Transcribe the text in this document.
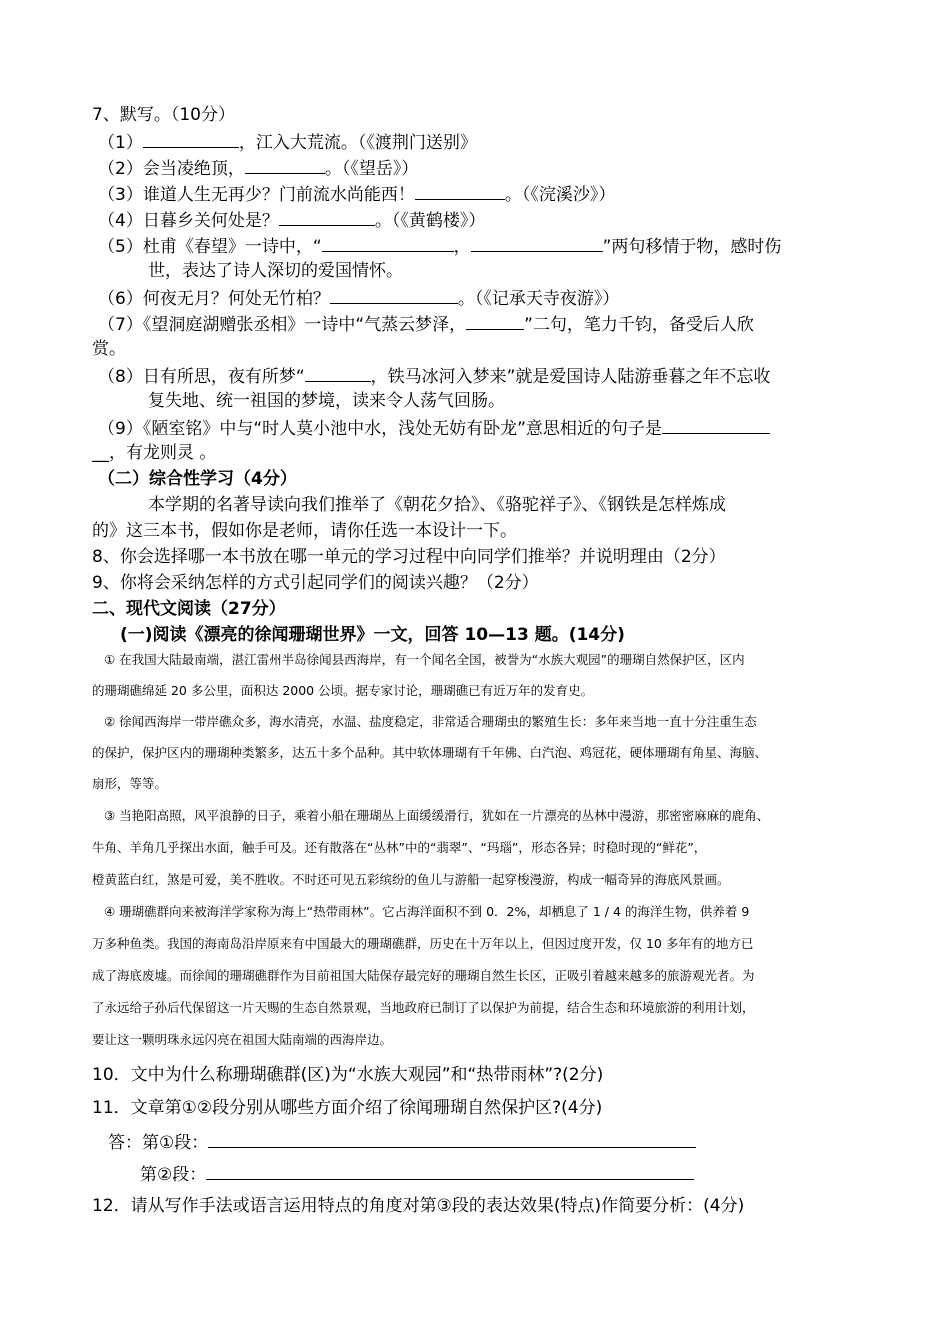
7、默写。（10分）
（1）	，江入大荒流。（《渡荆门送别》
（2）会当凌绝顶，	。（《望岳》）
（3）谁道人生无再少？门前流水尚能西！	。（《浣溪沙》）
（4）日暮乡关何处是？	。（《黄鹤楼》）
（5）杜甫《春望》一诗中，“	，	”两句移情于物，感时伤
世，表达了诗人深切的爱国情怀。
（6）何夜无月？何处无竹柏？	。（《记承天寺夜游》）
（7）《望洞庭湖赠张丞相》一诗中“气蒸云梦泽，	”二句，笔力千钧，备受后人欣
赏。
（8）日有所思，夜有所梦“	，铁马冰河入梦来”就是爱国诗人陆游垂暮之年不忘收
复失地、统一祖国的梦境，读来令人荡气回肠。
（9）《陋室铭》中与“时人莫小池中水，浅处无妨有卧龙”意思相近的句子是
__，有龙则灵 。
（二）综合性学习（4分）
本学期的名著导读向我们推举了《朝花夕拾》、《骆驼祥子》、《钢铁是怎样炼成
的》这三本书，假如你是老师，请你任选一本设计一下。
8、你会选择哪一本书放在哪一单元的学习过程中向同学们推举？并说明理由（2分）
9、你将会采纳怎样的方式引起同学们的阅读兴趣？（2分）
二、现代文阅读（27分）
(一)阅读《漂亮的徐闻珊瑚世界》一文，回答 10—13 题。(14分)
① 在我国大陆最南端，湛江雷州半岛徐闻县西海岸，有一个闻名全国，被誉为“水族大观园”的珊瑚自然保护区，区内
的珊瑚礁绵延 20 多公里，面积达 2000 公顷。据专家讨论，珊瑚礁已有近万年的发育史。
② 徐闻西海岸一带岸礁众多，海水清亮，水温、盐度稳定，非常适合珊瑚虫的繁殖生长：多年来当地一直十分注重生态
的保护，保护区内的珊瑚种类繁多，达五十多个品种。其中软体珊瑚有千年佛、白汽泡、鸡冠花，硬体珊瑚有角星、海脑、
扇形，等等。
③ 当艳阳高照，风平浪静的日子，乘着小船在珊瑚丛上面缓缓滑行，犹如在一片漂亮的丛林中漫游，那密密麻麻的鹿角、
牛角、羊角几乎探出水面，触手可及。还有散落在“丛林”中的“翡翠”、“玛瑙”，形态各异；时稳时现的“鲜花”，
橙黄蓝白红，煞是可爱，美不胜收。不时还可见五彩缤纷的鱼儿与游船一起穿梭漫游，构成一幅奇异的海底风景画。
④ 珊瑚礁群向来被海洋学家称为海上“热带雨林”。它占海洋面积不到 0．2%，却栖息了 1 / 4 的海洋生物，供养着 9
万多种鱼类。我国的海南岛沿岸原来有中国最大的珊瑚礁群，历史在十万年以上，但因过度开发，仅 10 多年有的地方已
成了海底废墟。而徐闻的珊瑚礁群作为目前祖国大陆保存最完好的珊瑚自然生长区，正吸引着越来越多的旅游观光者。为
了永远给子孙后代保留这一片天赐的生态自然景观，当地政府已制订了以保护为前提，结合生态和环境旅游的利用计划，
要让这一颗明珠永远闪亮在祖国大陆南端的西海岸边。
10．文中为什么称珊瑚礁群(区)为“水族大观园”和“热带雨林”?(2分)
11．文章第①②段分别从哪些方面介绍了徐闻珊瑚自然保护区?(4分)
答：第①段：
第②段：
12．请从写作手法或语言运用特点的角度对第③段的表达效果(特点)作简要分析：(4分)
